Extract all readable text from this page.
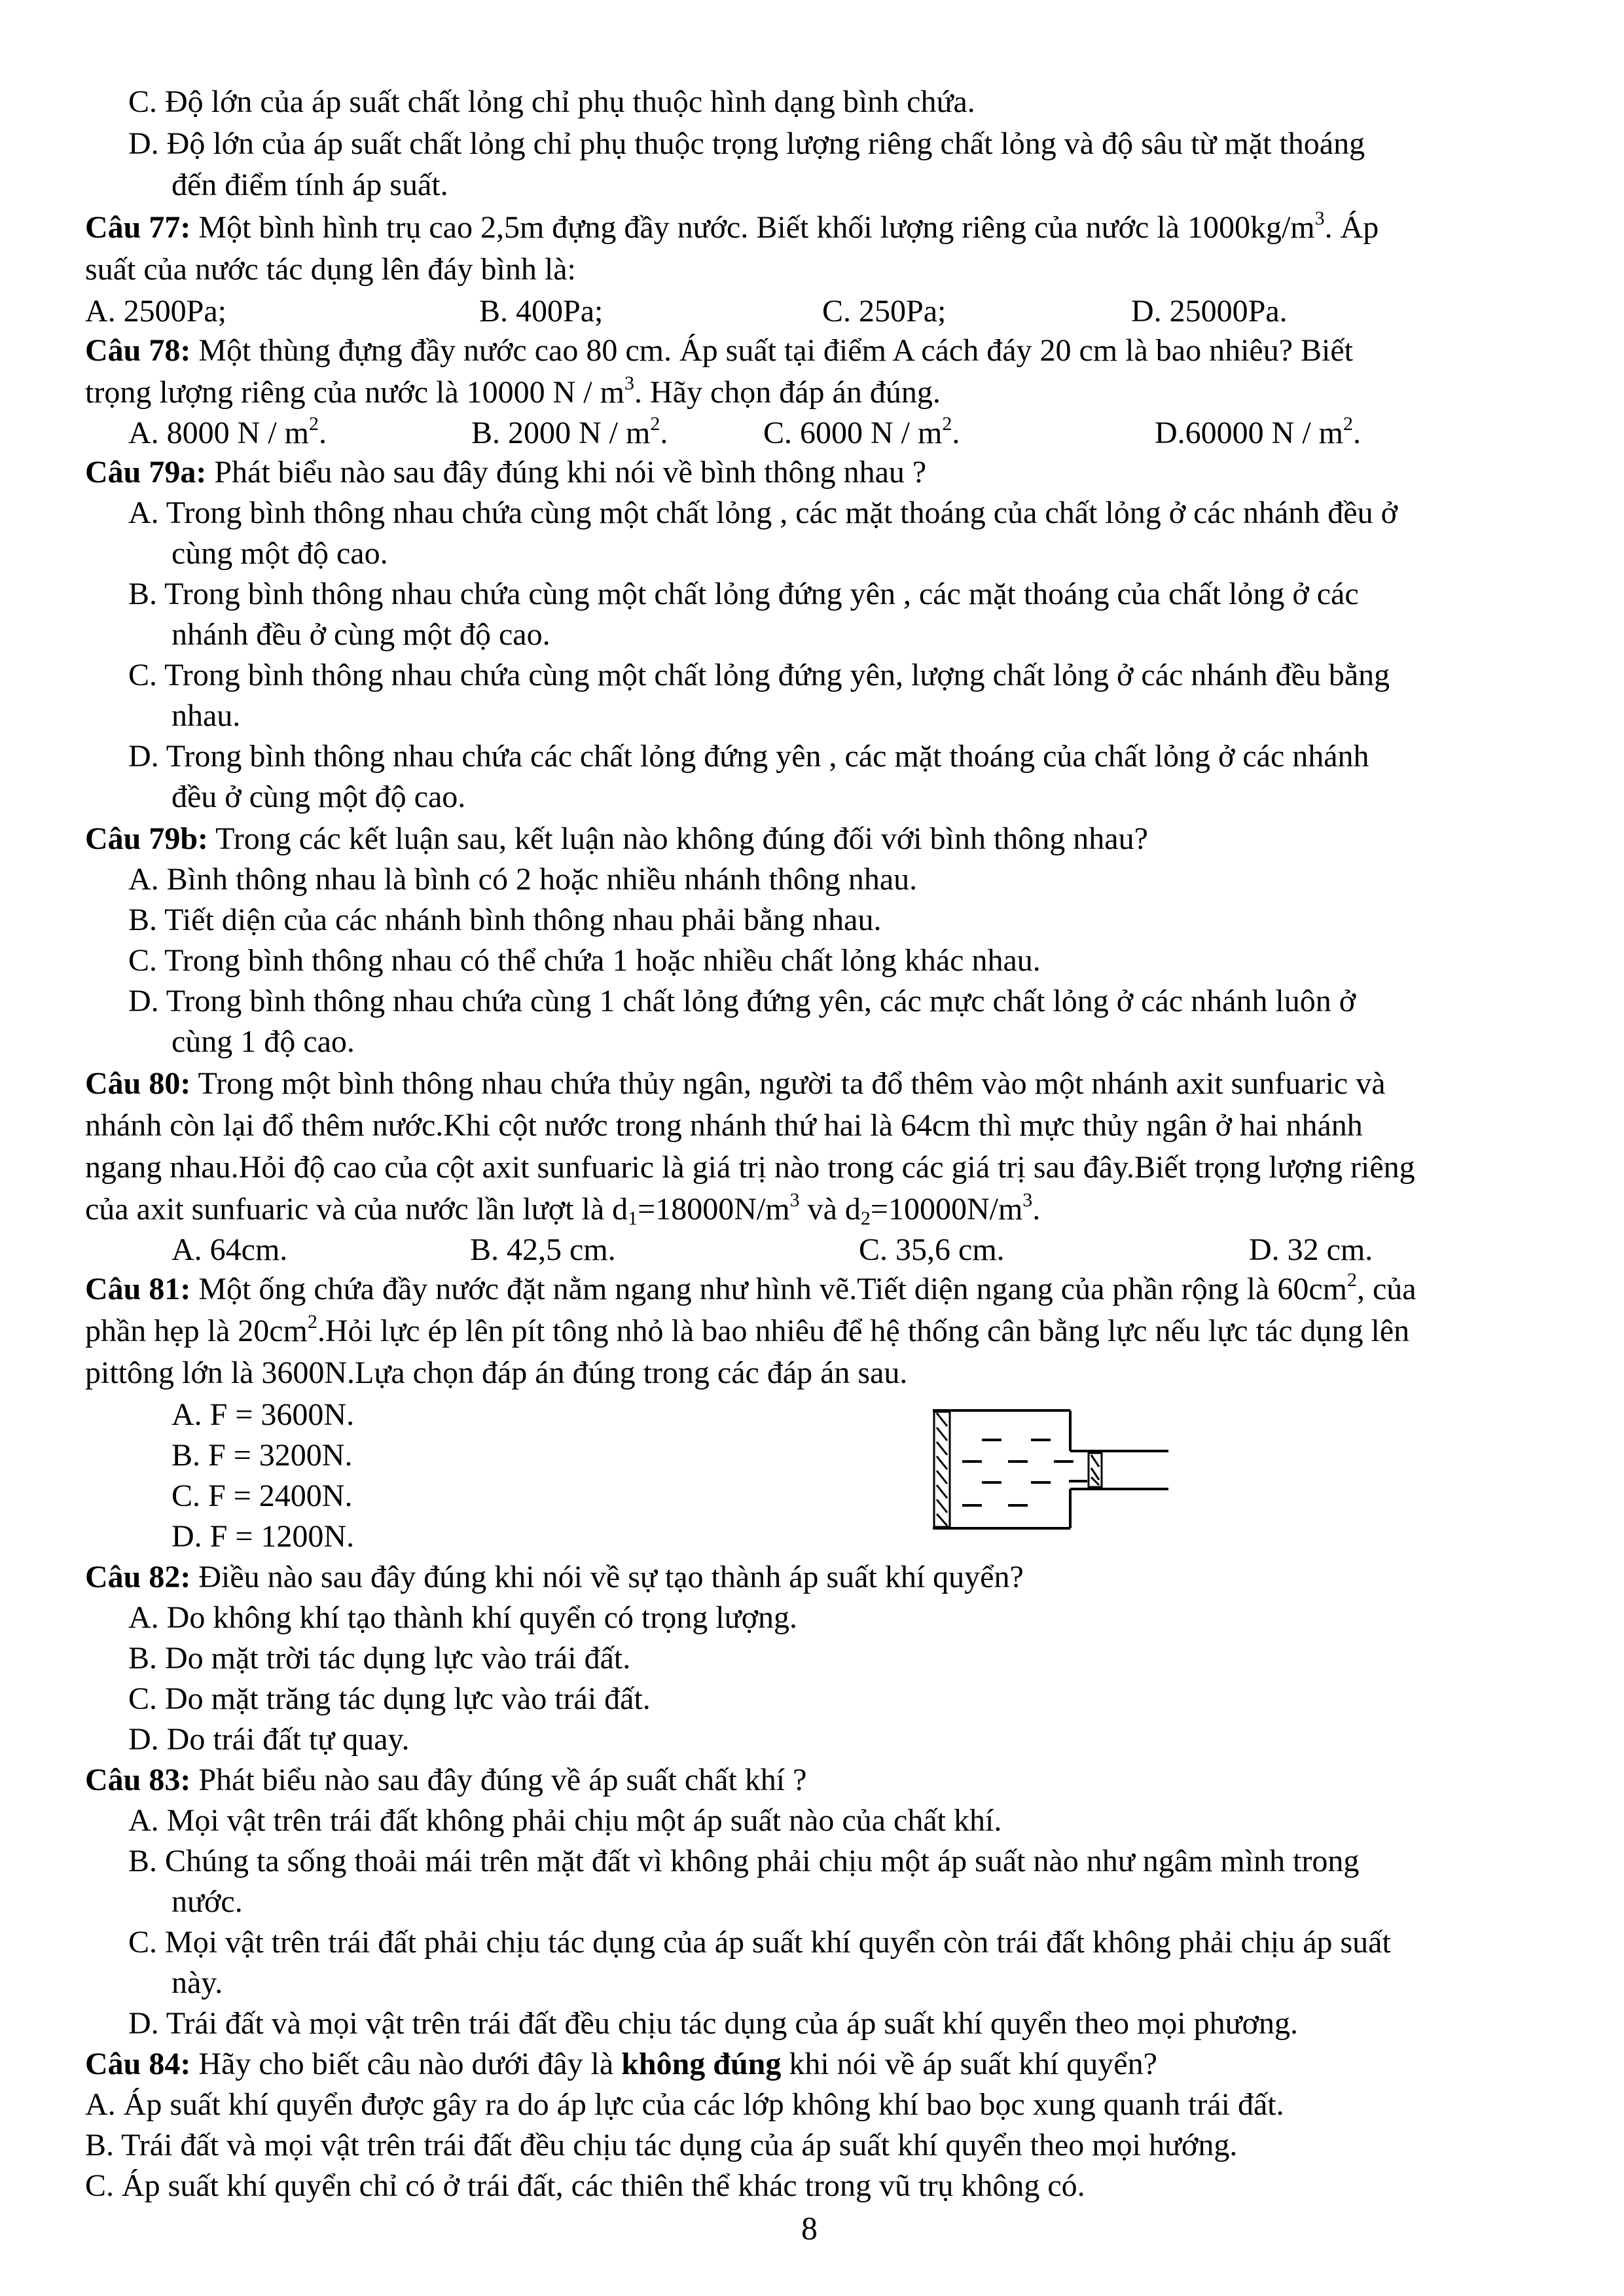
C. Độ lớn của áp suất chất lỏng chỉ phụ thuộc hình dạng bình chứa.
D. Độ lớn của áp suất chất lỏng chỉ phụ thuộc trọng lượng riêng chất lỏng và độ sâu từ mặt thoáng
đến điểm tính áp suất.
Câu 77: Một bình hình trụ cao 2,5m đựng đầy nước. Biết khối lượng riêng của nước là $1000kg/m^3$. Áp
suất của nước tác dụng lên đáy bình là:
A. 2500Pa;	B. 400Pa;	C. 250Pa;	D. 25000Pa.
Câu 78: Một thùng đựng đầy nước cao 80 cm. Áp suất tại điểm A cách đáy 20 cm là bao nhiêu? Biết
trọng lượng riêng của nước là 10000 N / $m^3$. Hãy chọn đáp án đúng.
A. 8000 N / $m^2$.	B. 2000 N / $m^2$.	C. 6000 N / $m^2$.	D.60000 N / $m^2$.
Câu 79a: Phát biểu nào sau đây đúng khi nói về bình thông nhau ?
A. Trong bình thông nhau chứa cùng một chất lỏng , các mặt thoáng của chất lỏng ở các nhánh đều ở
cùng một độ cao.
B. Trong bình thông nhau chứa cùng một chất lỏng đứng yên , các mặt thoáng của chất lỏng ở các
nhánh đều ở cùng một độ cao.
C. Trong bình thông nhau chứa cùng một chất lỏng đứng yên, lượng chất lỏng ở các nhánh đều bằng
nhau.
D. Trong bình thông nhau chứa các chất lỏng đứng yên , các mặt thoáng của chất lỏng ở các nhánh
đều ở cùng một độ cao.
Câu 79b: Trong các kết luận sau, kết luận nào không đúng đối với bình thông nhau?
A. Bình thông nhau là bình có 2 hoặc nhiều nhánh thông nhau.
B. Tiết diện của các nhánh bình thông nhau phải bằng nhau.
C. Trong bình thông nhau có thể chứa 1 hoặc nhiều chất lỏng khác nhau.
D. Trong bình thông nhau chứa cùng 1 chất lỏng đứng yên, các mực chất lỏng ở các nhánh luôn ở
cùng 1 độ cao.
Câu 80: Trong một bình thông nhau chứa thủy ngân, người ta đổ thêm vào một nhánh axit sunfuaric và
nhánh còn lại đổ thêm nước.Khi cột nước trong nhánh thứ hai là 64cm thì mực thủy ngân ở hai nhánh
ngang nhau.Hỏi độ cao của cột axit sunfuaric là giá trị nào trong các giá trị sau đây.Biết trọng lượng riêng
của axit sunfuaric và của nước lần lượt là $d_1=18000N/m^3$ và $d_2=10000N/m^3$.
A. 64cm.	B. 42,5 cm.	C. 35,6 cm.	D. 32 cm.
Câu 81: Một ống chứa đầy nước đặt nằm ngang như hình vẽ.Tiết diện ngang của phần rộng là $60cm^2$, của
phần hẹp là $20cm^2.Hỏi$ lực ép lên pít tông nhỏ là bao nhiêu để hệ thống cân bằng lực nếu lực tác dụng lên
pittông lớn là 3600N.Lựa chọn đáp án đúng trong các đáp án sau.
A. F = 3600N.
B. F = 3200N.
C. F = 2400N.
D. F = 1200N.
Câu 82: Điều nào sau đây đúng khi nói về sự tạo thành áp suất khí quyển?
A. Do không khí tạo thành khí quyển có trọng lượng.
B. Do mặt trời tác dụng lực vào trái đất.
C. Do mặt trăng tác dụng lực vào trái đất.
D. Do trái đất tự quay.
Câu 83: Phát biểu nào sau đây đúng về áp suất chất khí ?
A. Mọi vật trên trái đất không phải chịu một áp suất nào của chất khí.
B. Chúng ta sống thoải mái trên mặt đất vì không phải chịu một áp suất nào như ngâm mình trong
nước.
C. Mọi vật trên trái đất phải chịu tác dụng của áp suất khí quyển còn trái đất không phải chịu áp suất
này.
D. Trái đất và mọi vật trên trái đất đều chịu tác dụng của áp suất khí quyển theo mọi phương.
Câu 84: Hãy cho biết câu nào dưới đây là không đúng khi nói về áp suất khí quyển?
A. Áp suất khí quyển được gây ra do áp lực của các lớp không khí bao bọc xung quanh trái đất.
B. Trái đất và mọi vật trên trái đất đều chịu tác dụng của áp suất khí quyển theo mọi hướng.
C. Áp suất khí quyển chỉ có ở trái đất, các thiên thể khác trong vũ trụ không có.
8
